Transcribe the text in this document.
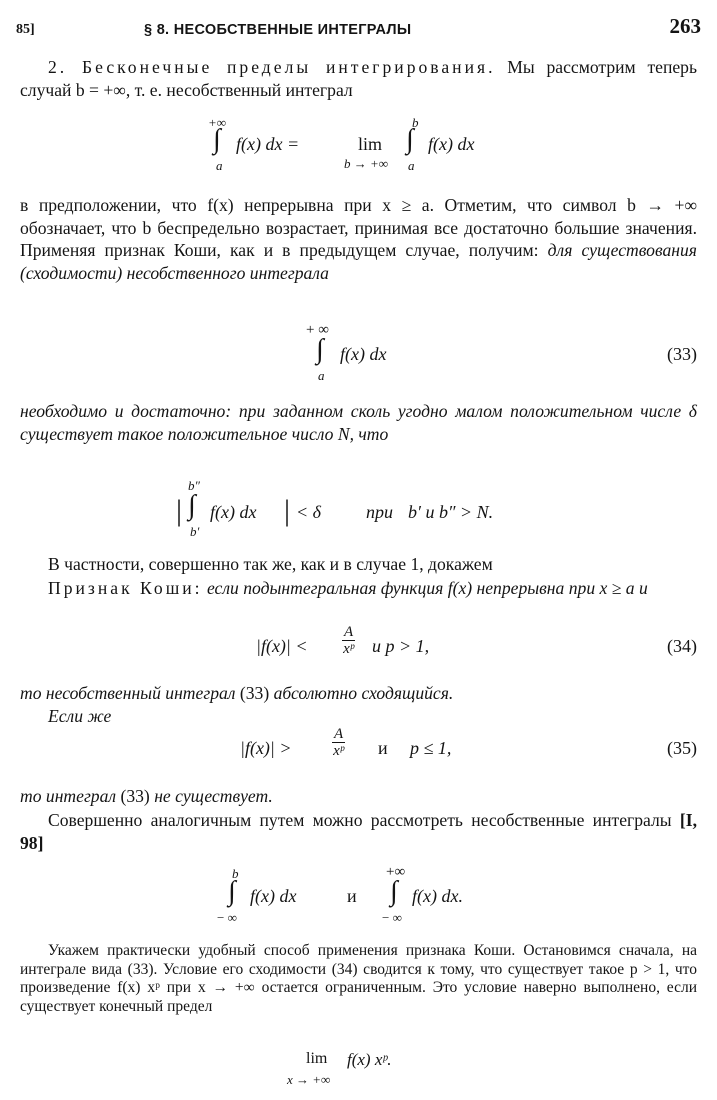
85]	§ 8. НЕСОБСТВЕННЫЕ ИНТЕГРАЛЫ	263
2. Бесконечные пределы интегрирования. Мы рассмотрим теперь случай b = +∞, т. е. несобственный интеграл
+∞
∫
a
f(x) dx =	lim
b → +∞
b
∫
a
f(x) dx
в предположении, что f(x) непрерывна при x ≥ a. Отметим, что символ b → +∞ обозначает, что b беспредельно возрастает, принимая все достаточно большие значения. Применяя признак Коши, как и в предыдущем случае, получим: для существования (сходимости) несобственного интеграла
+ ∞
∫
a
f(x) dx	(33)
необходимо и достаточно: при заданном сколь угодно малом положительном числе δ существует такое положительное число N, что
|
b″
∫
b′
f(x) dx | < δ при b′ и b″ > N.
В частности, совершенно так же, как и в случае 1, докажем
Признак Коши: если подынтегральная функция f(x) непрерывна при x ≥ a и
$|f(x)| < \frac{A}{\text{xᵖ}}$ и p > 1,	(34)
то несобственный интеграл (33) абсолютно сходящийся.
Если же
|f(x)| >	$\frac{A}{\text{xᵖ}}$ и p ≤ 1,	(35)
то интеграл (33) не существует.
Совершенно аналогичным путем можно рассмотреть несобственные интегралы [I, 98]
b
∫
− ∞
f(x) dx	и
+∞
∫
− ∞
f(x) dx.
Укажем практически удобный способ применения признака Коши. Остановимся сначала, на интеграле вида (33). Условие его сходимости (34) сводится к тому, что существует такое p > 1, что произведение f(x) xᵖ при x → +∞ остается ограниченным. Это условие наверно выполнено, если существует конечный предел
lim
x → +∞
f(x) xᵖ.
